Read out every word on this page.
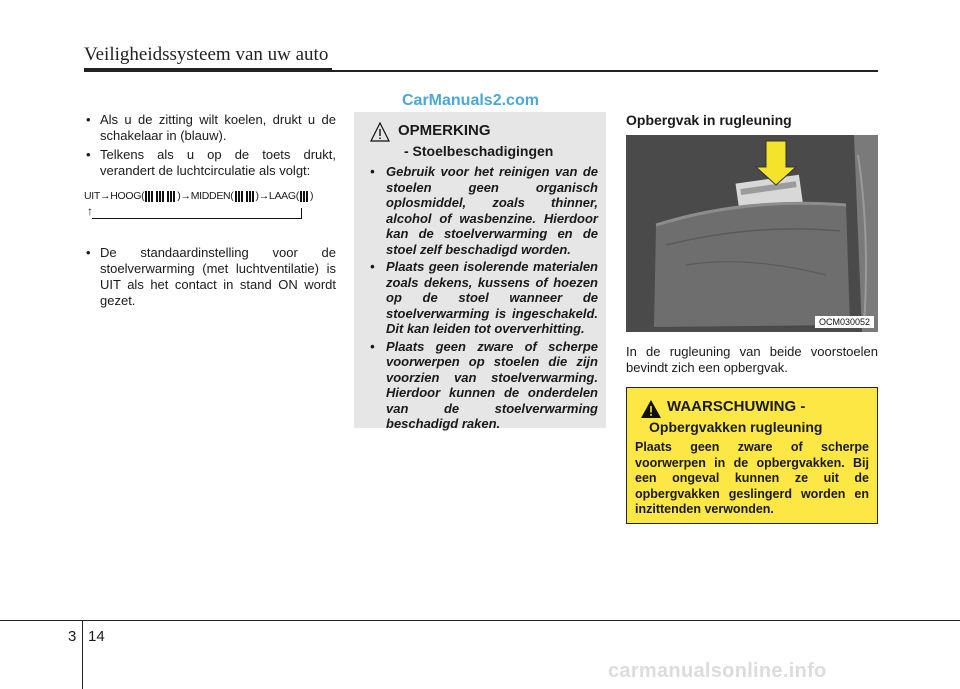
Veiligheidssysteem van uw auto
CarManuals2.com
• Als u de zitting wilt koelen, drukt u de schakelaar in (blauw).
• Telkens als u op de toets drukt, verandert de luchtcirculatie als volgt:
UIT→HOOG(	)→MIDDEN( )→LAAG( )
↑
• De standaardinstelling voor de stoelverwarming (met luchtventilatie) is UIT als het contact in stand ON wordt gezet.
OPMERKING
- Stoelbeschadigingen
• Gebruik voor het reinigen van de stoelen geen organisch oplosmiddel, zoals thinner, alcohol of wasbenzine. Hierdoor kan de stoelverwarming en de stoel zelf beschadigd worden.
• Plaats geen isolerende materialen zoals dekens, kussens of hoezen op de stoel wanneer de stoelverwarming is ingeschakeld. Dit kan leiden tot oververhitting.
• Plaats geen zware of scherpe voorwerpen op stoelen die zijn voorzien van stoelverwarming. Hierdoor kunnen de onderdelen van de stoelverwarming beschadigd raken.
Opbergvak in rugleuning
OCM030052
In de rugleuning van beide voorstoelen bevindt zich een opbergvak.
WAARSCHUWING -
Opbergvakken rugleuning
Plaats geen zware of scherpe voorwerpen in de opbergvakken. Bij een ongeval kunnen ze uit de opbergvakken geslingerd worden en inzittenden verwonden.
3 14
carmanualsonline.info
